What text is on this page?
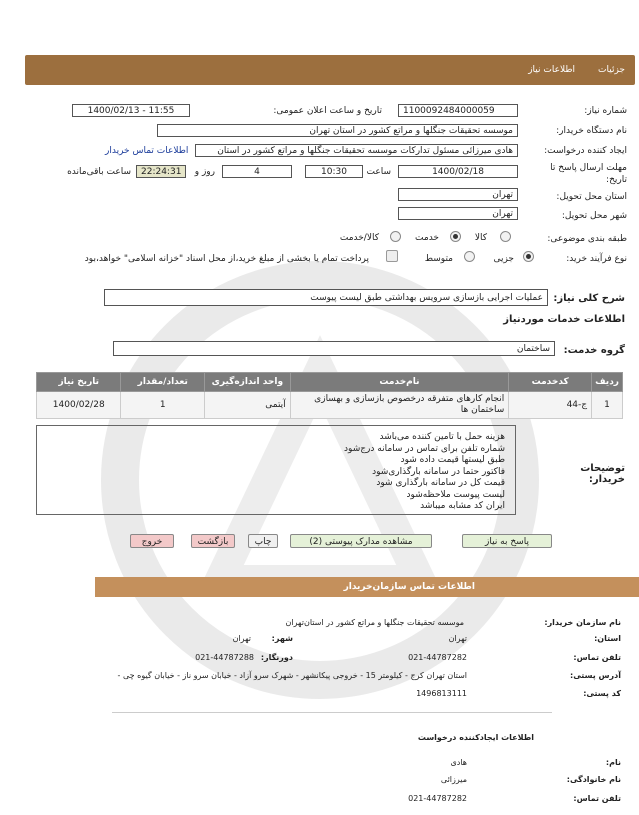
جزئیات
اطلاعات نیاز
شماره نیاز:
1100092484000059
تاریخ و ساعت اعلان عمومی:
1400/02/13 - 11:55
نام دستگاه خریدار:
موسسه تحقیقات جنگلها و مراتع کشور در استان تهران
ایجاد کننده درخواست:
هادی میرزائی مسئول تدارکات موسسه تحقیقات جنگلها و مراتع کشور در استان
اطلاعات تماس خریدار
مهلت ارسال پاسخ تا
تاریخ:
1400/02/18
ساعت
10:30
4
روز و
22:24:31
ساعت باقی‌مانده
استان محل تحویل:
تهران
شهر محل تحویل:
تهران
طبقه بندی موضوعی:
کالا
خدمت
کالا/خدمت
نوع فرآیند خرید:
جزیی
متوسط
پرداخت تمام یا بخشی از مبلغ خرید،از محل اسناد "خزانه اسلامی" خواهد،بود
شرح کلی نیاز:
عملیات اجرایی بازسازی سرویس بهداشتی طبق لیست پیوست
اطلاعات خدمات موردنیاز
گروه خدمت:
ساختمان
ردیف	کدخدمت	نام‌خدمت	واحد اندازه‌گیری	تعداد/مقدار	تاریخ نیاز
1	ج-44	انجام کارهای متفرقه درخصوص بازسازی و بهسازی ساختمان ها	آیتمی	1	1400/02/28
هزینه حمل با تامین کننده می‌باشد
شماره تلفن برای تماس در سامانه درج‌شود
طبق لیستها قیمت داده شود
فاکتور حتما در سامانه بارگذاری‌شود
قیمت کل در سامانه بارگذاری شود
لیست پیوست ملاحظه‌شود
ایران کد مشابه میباشد
توضیحات خریدار:
پاسخ به نیاز
مشاهده مدارک پیوستی (2)
چاپ
بازگشت
خروج
اطلاعات تماس سازمان‌خریدار
نام سازمان خریدار:
موسسه تحقیقات جنگلها و مراتع کشور در استان‌تهران
استان:
تهران
شهر:
تهران
تلفن تماس:
021-44787282
دورنگار:
021-44787288
آدرس پستی:
استان تهران کرج - کیلومتر 15 - خروجی پیکانشهر - شهرک سرو آزاد - خیابان سرو ناز - خیابان گیوه چی -
کد پستی:
1496813111
اطلاعات ایجادکننده درخواست
نام:
هادی
نام خانوادگی:
میرزائی
تلفن تماس:
021-44787282
